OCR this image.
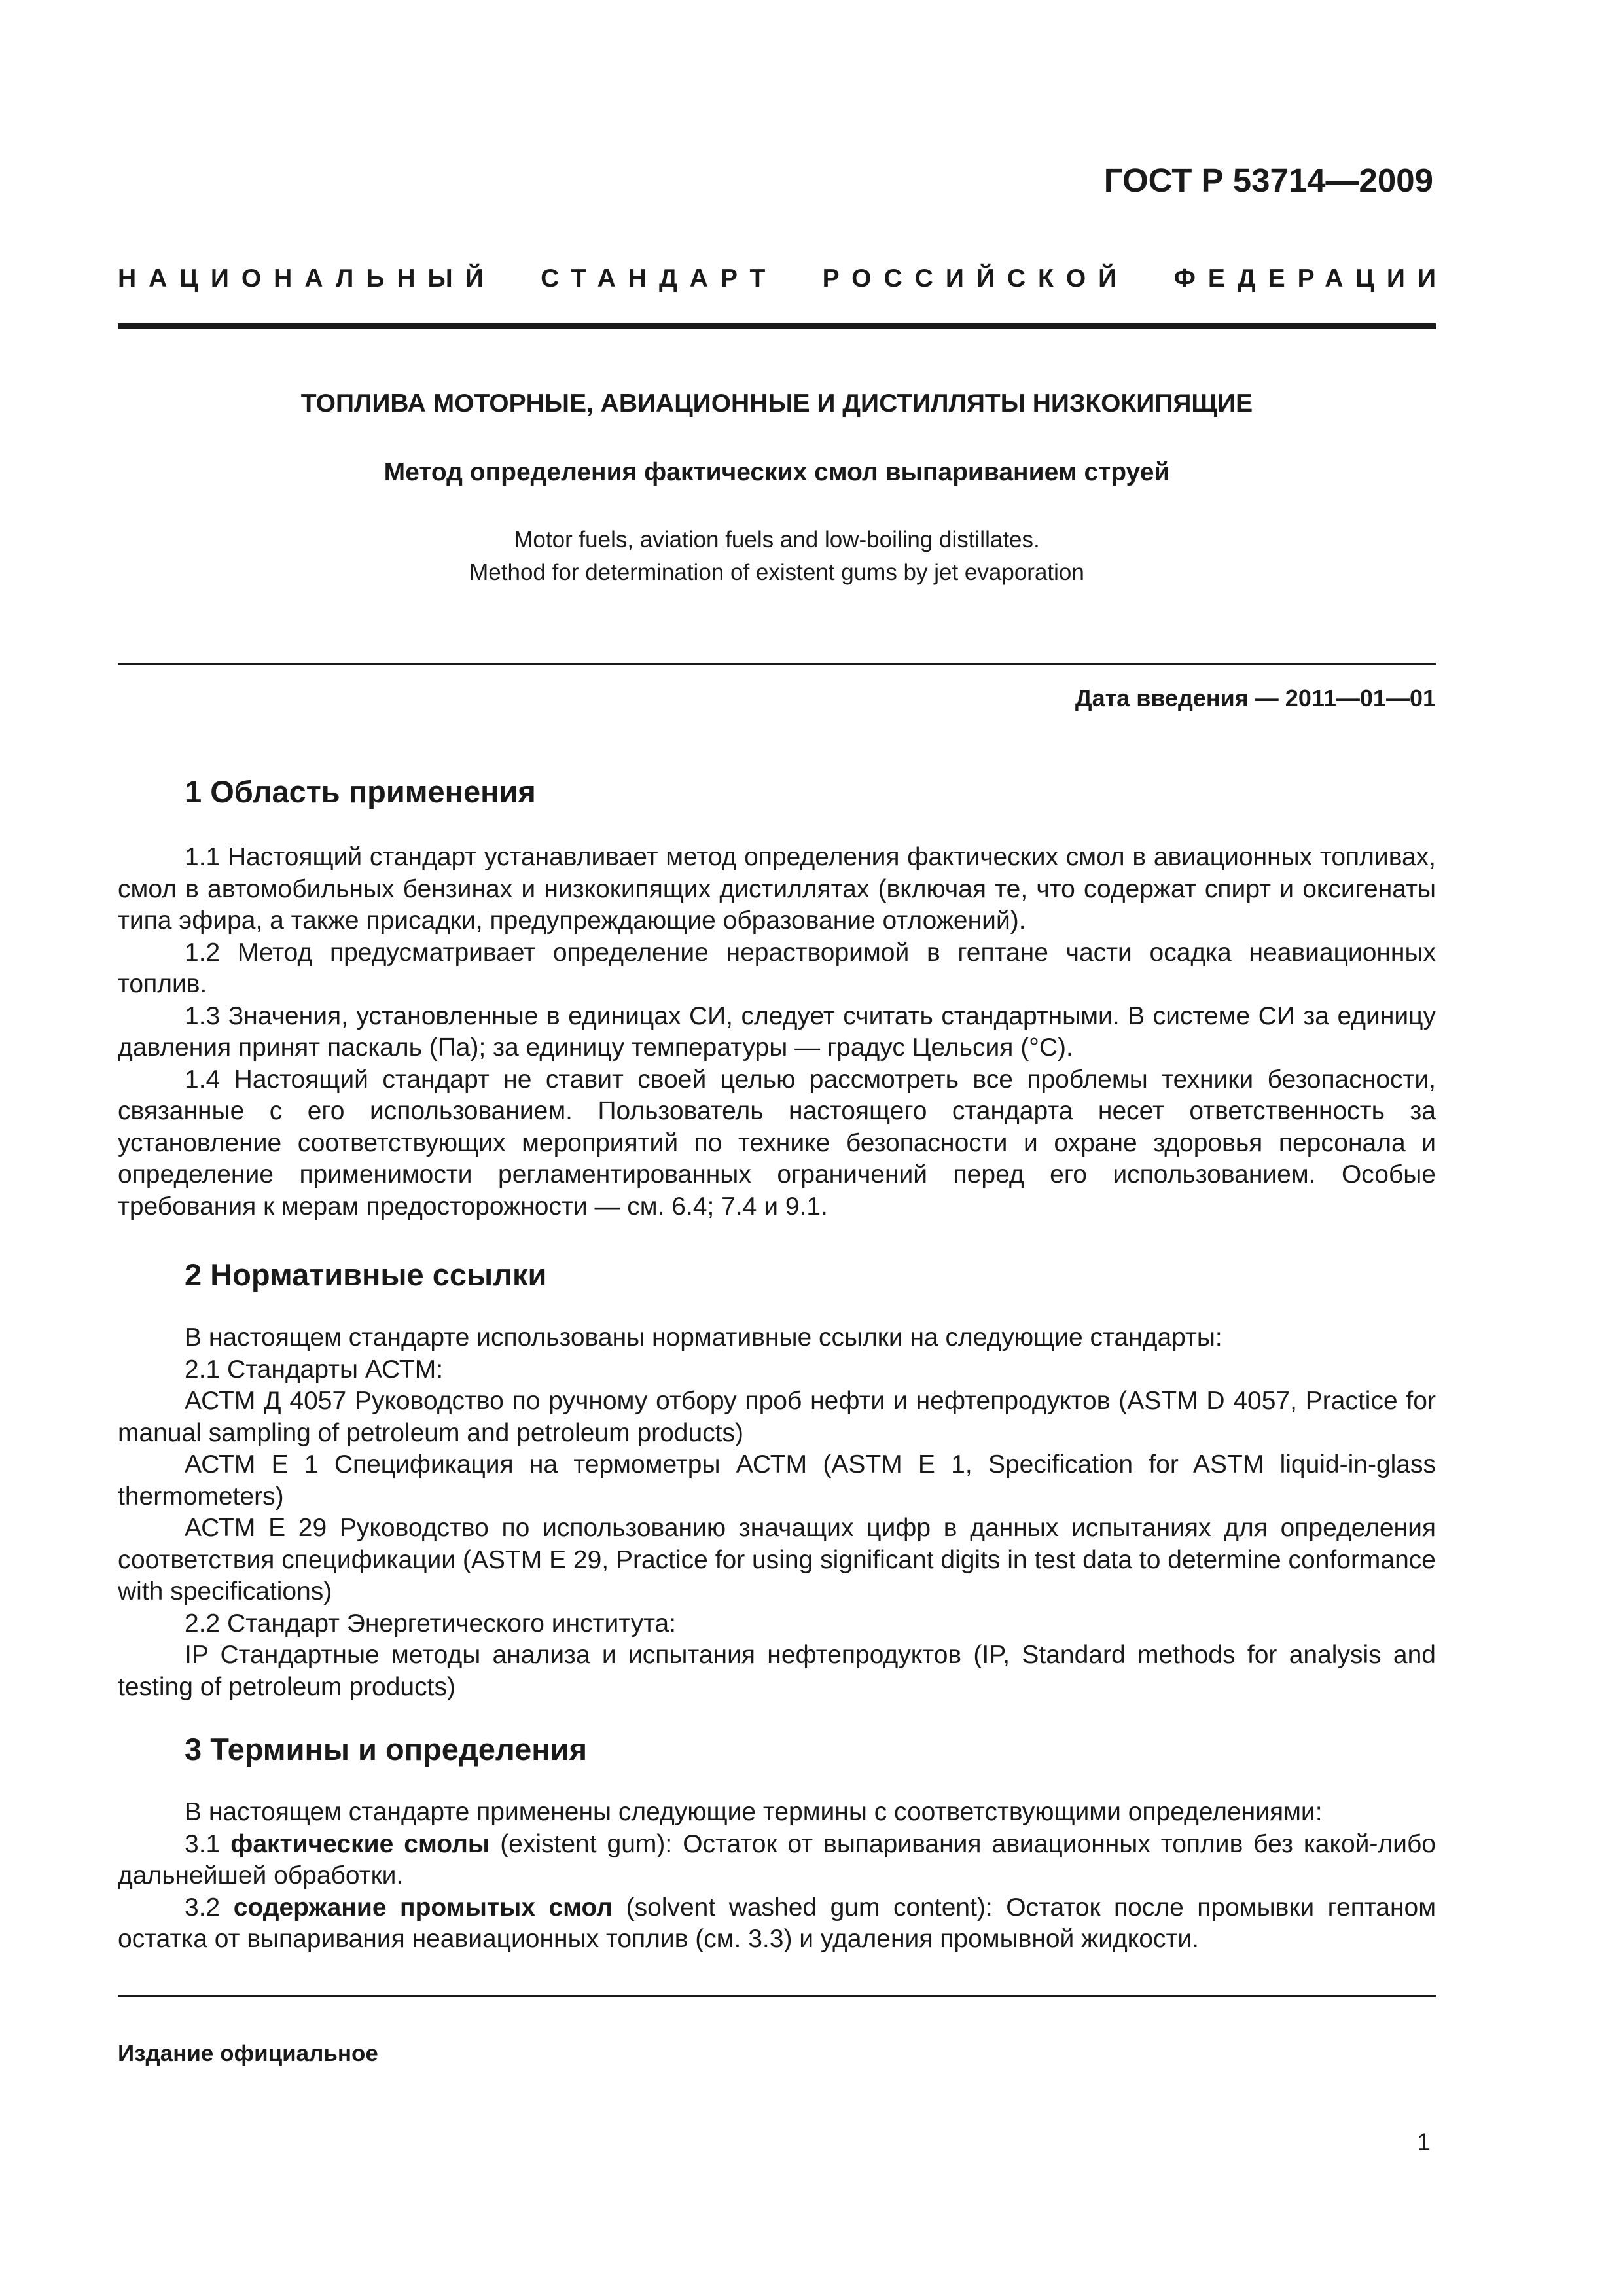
ГОСТ Р 53714—2009
НАЦИОНАЛЬНЫЙ СТАНДАРТ РОССИЙСКОЙ ФЕДЕРАЦИИ
ТОПЛИВА МОТОРНЫЕ, АВИАЦИОННЫЕ И ДИСТИЛЛЯТЫ НИЗКОКИПЯЩИЕ
Метод определения фактических смол выпариванием струей
Motor fuels, aviation fuels and low-boiling distillates.
Method for determination of existent gums by jet evaporation
Дата введения — 2011—01—01
1 Область применения

1.1 Настоящий стандарт устанавливает метод определения фактических смол в авиационных топливах, смол в автомобильных бензинах и низкокипящих дистиллятах (включая те, что содержат спирт и оксигенаты типа эфира, а также присадки, предупреждающие образование отложений).

1.2 Метод предусматривает определение нерастворимой в гептане части осадка неавиационных топлив.

1.3 Значения, установленные в единицах СИ, следует считать стандартными. В системе СИ за единицу давления принят паскаль (Па); за единицу температуры — градус Цельсия (°С).

1.4 Настоящий стандарт не ставит своей целью рассмотреть все проблемы техники безопасности, связанные с его использованием. Пользователь настоящего стандарта несет ответственность за установление соответствующих мероприятий по технике безопасности и охране здоровья персонала и определение применимости регламентированных ограничений перед его использованием. Особые требования к мерам предосторожности — см. 6.4; 7.4 и 9.1.

2 Нормативные ссылки

В настоящем стандарте использованы нормативные ссылки на следующие стандарты:

2.1 Стандарты АСТМ:

АСТМ Д 4057 Руководство по ручному отбору проб нефти и нефтепродуктов (ASTM D 4057, Practice for manual sampling of petroleum and petroleum products)

АСТМ Е 1 Спецификация на термометры АСТМ (ASTM E 1, Specification for ASTM liquid-in-glass thermometers)

АСТМ Е 29 Руководство по использованию значащих цифр в данных испытаниях для определения соответствия спецификации (ASTM E 29, Practice for using significant digits in test data to determine conformance with specifications)

2.2 Стандарт Энергетического института:

IP Стандартные методы анализа и испытания нефтепродуктов (IP, Standard methods for analysis and testing of petroleum products)

3 Термины и определения

В настоящем стандарте применены следующие термины с соответствующими определениями:

3.1 фактические смолы (existent gum): Остаток от выпаривания авиационных топлив без какой-либо дальнейшей обработки.

3.2 содержание промытых смол (solvent washed gum content): Остаток после промывки гептаном остатка от выпаривания неавиационных топлив (см. 3.3) и удаления промывной жидкости.

Издание официальное
1
